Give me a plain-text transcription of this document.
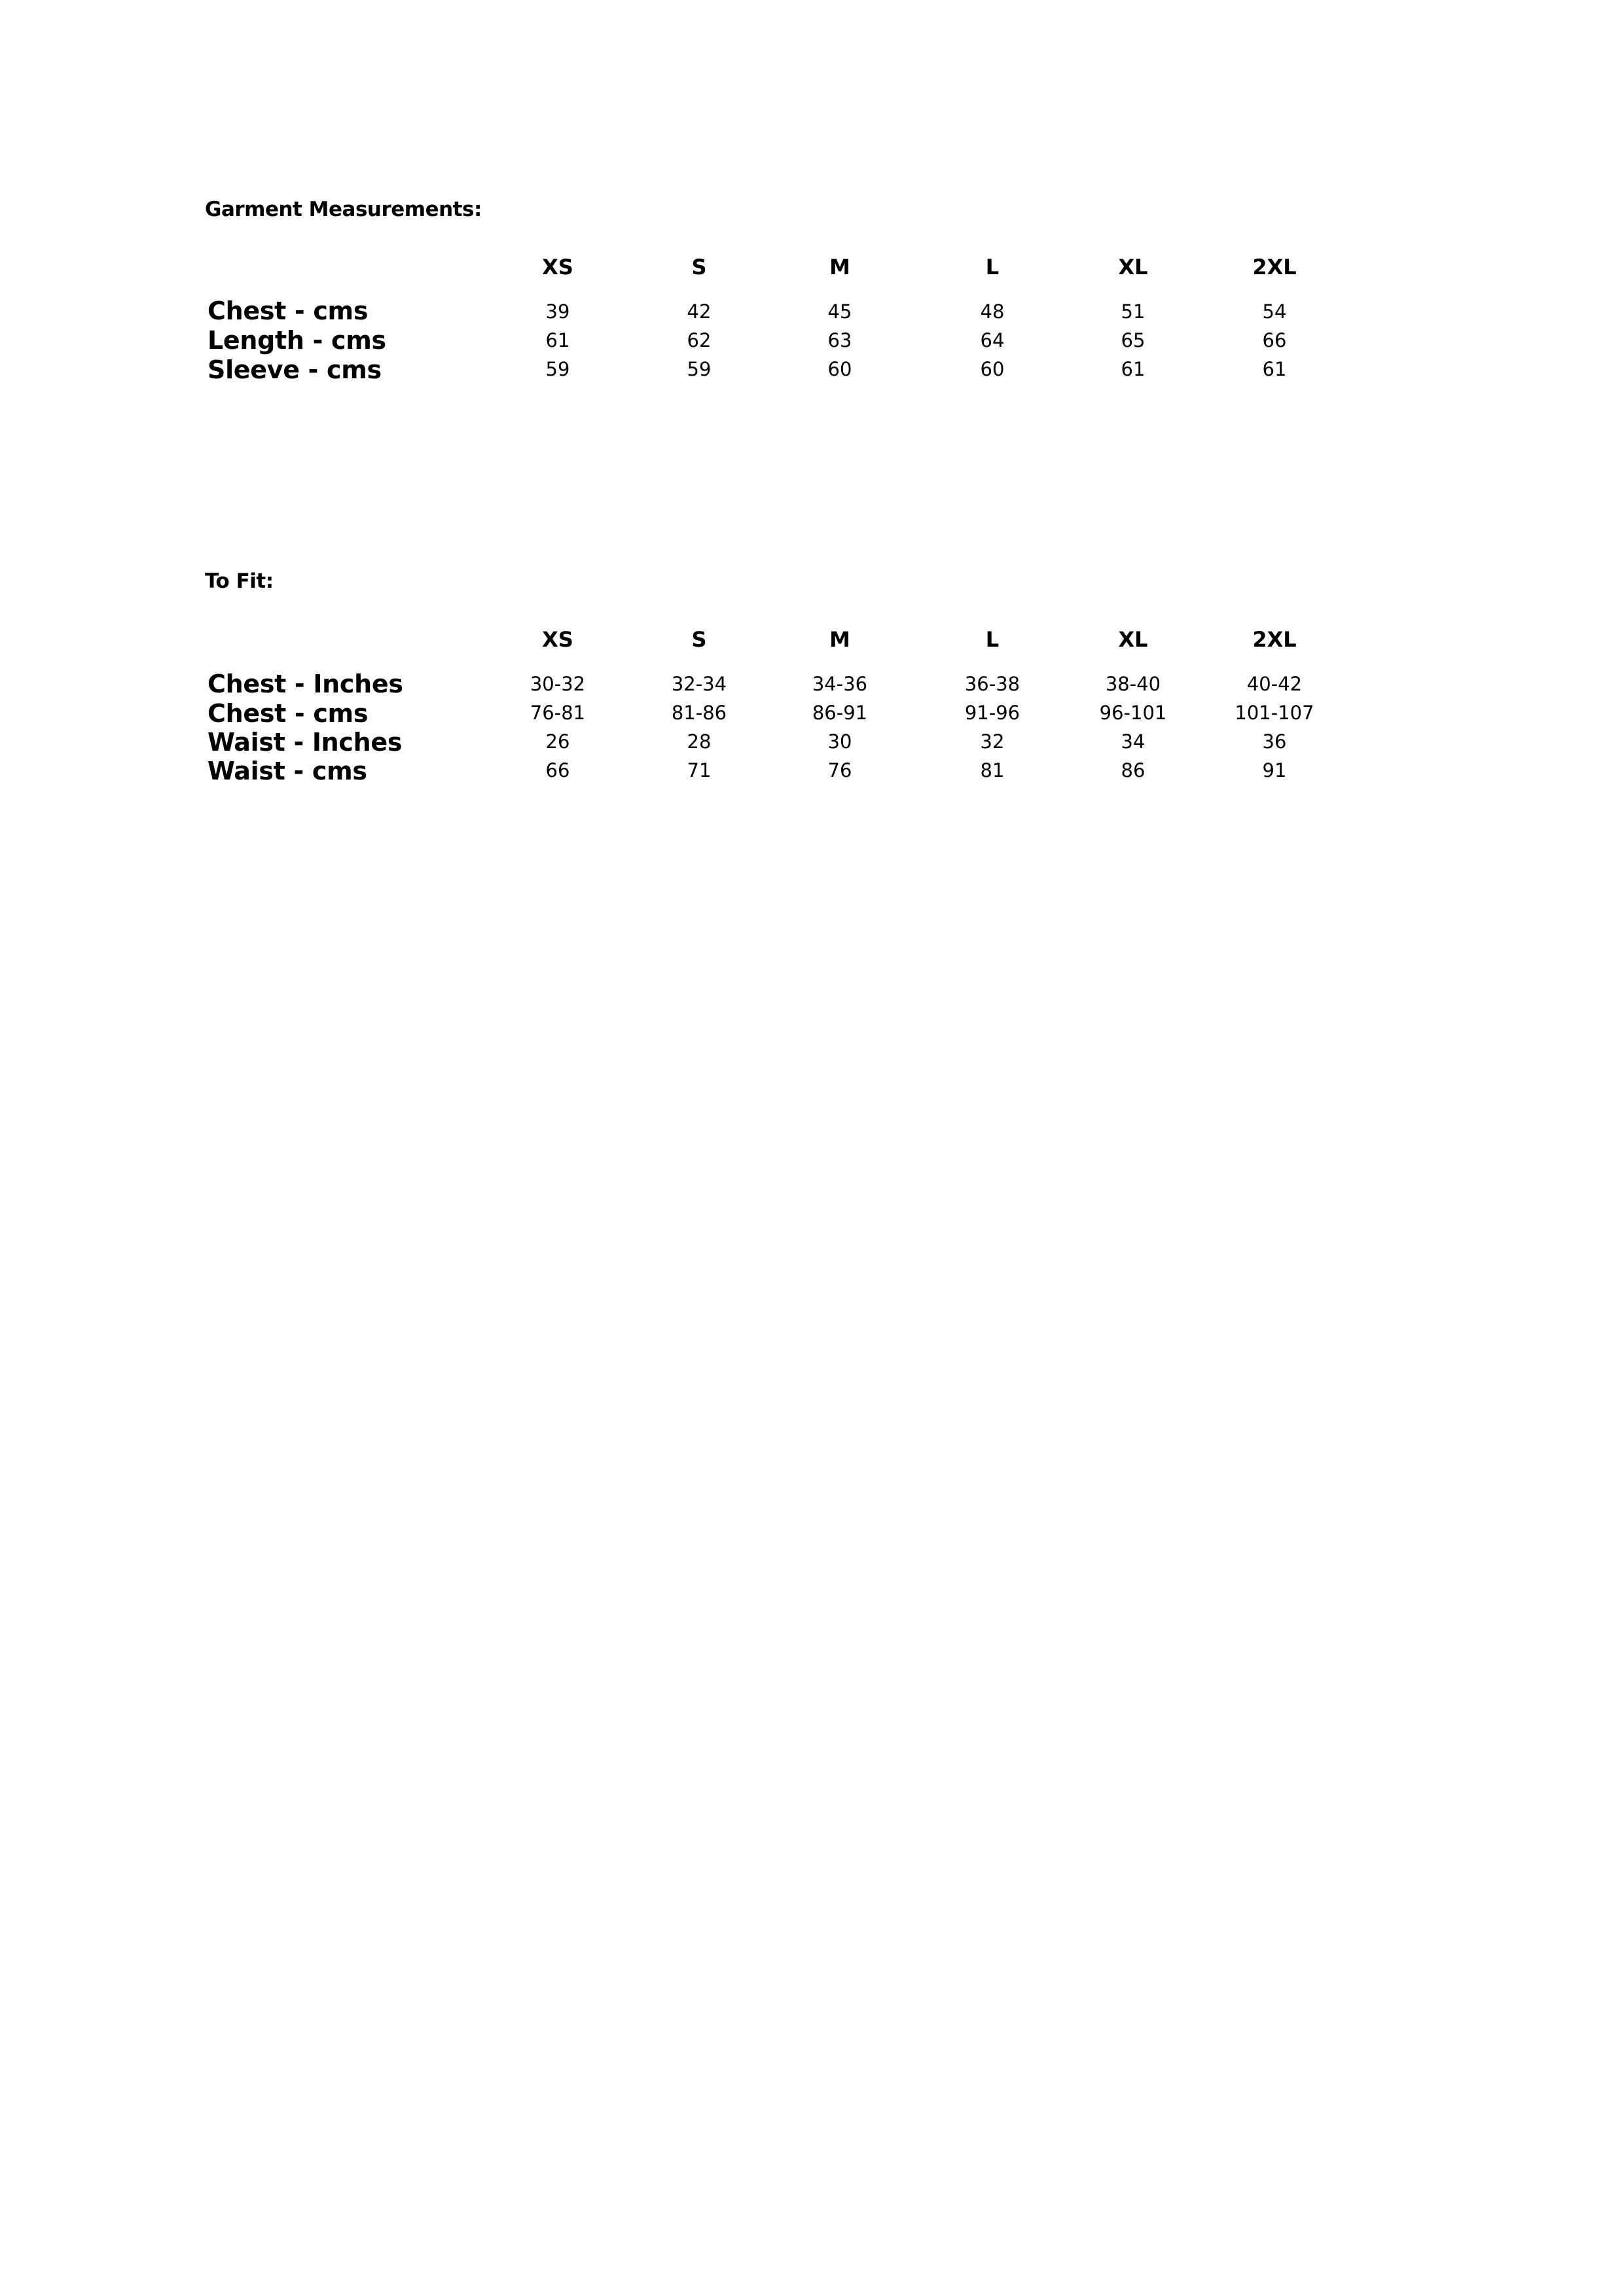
Garment Measurements:
XS	S	M	L	XL	2XL
Chest - cms	39	42	45	48	51	54
Length - cms	61	62	63	64	65	66
Sleeve - cms	59	59	60	60	61	61
To Fit:
XS	S	M	L	XL	2XL
Chest - Inches	30-32	32-34	34-36	36-38	38-40	40-42
Chest - cms	76-81	81-86	86-91	91-96	96-101	101-107
Waist - Inches	26	28	30	32	34	36
Waist - cms	66	71	76	81	86	91
